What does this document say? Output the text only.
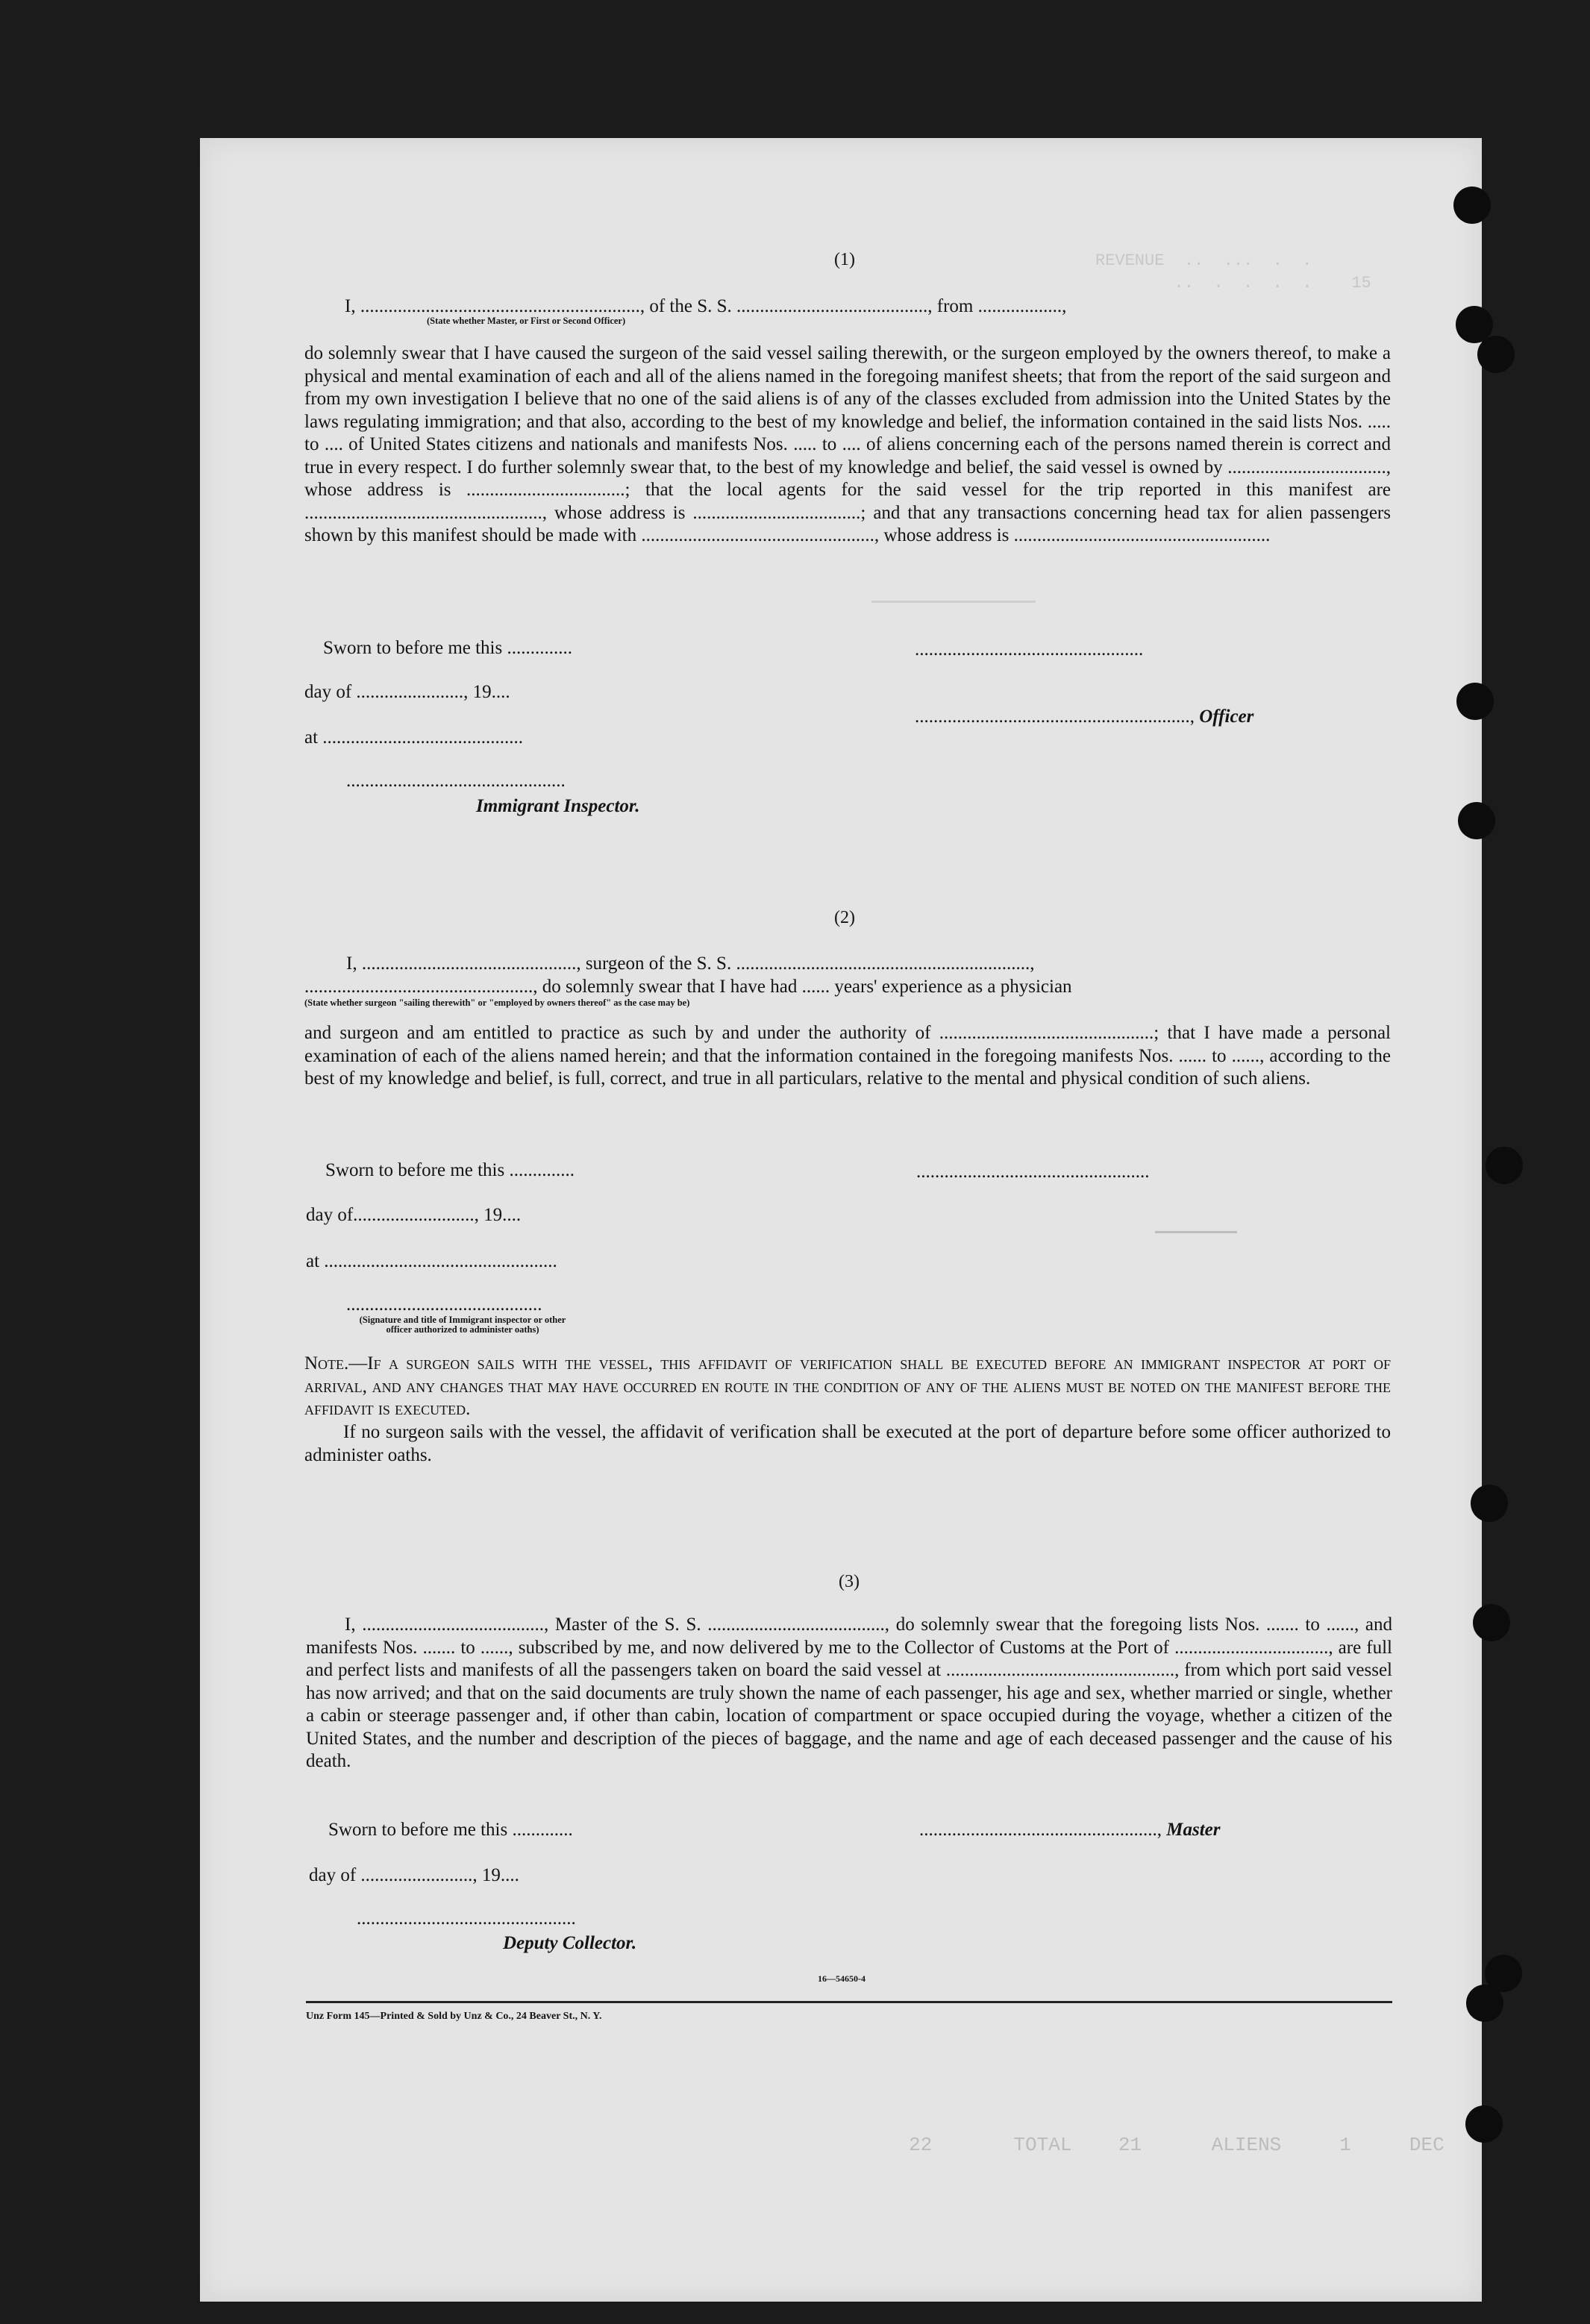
REVENUE  ..  ...  .  .
..  .  .  .  .    15

(1)
I, ............................................................, of the S. S. ........................................., from ..................,
(State whether Master, or First or Second Officer)
do solemnly swear that I have caused the surgeon of the said vessel sailing therewith, or the surgeon employed by the owners thereof, to make a physical and mental examination of each and all of the aliens named in the foregoing manifest sheets; that from the report of the said surgeon and from my own investigation I believe that no one of the said aliens is of any of the classes excluded from admission into the United States by the laws regulating immigration; and that also, according to the best of my knowledge and belief, the information contained in the said lists Nos. ..... to .... of United States citizens and nationals and manifests Nos. ..... to .... of aliens concerning each of the persons named therein is correct and true in every respect. I do further solemnly swear that, to the best of my knowledge and belief, the said vessel is owned by .................................., whose address is ..................................; that the local agents for the said vessel for the trip reported in this manifest are ..................................................., whose address is ....................................; and that any transactions concerning head tax for alien passengers shown by this manifest should be made with .................................................., whose address is .......................................................
Sworn to before me this ..............
day of ......................., 19....
at ...........................................
.................................................
..........................................................., Officer
...............................................
Immigrant Inspector.
(2)
I, .............................................., surgeon of the S. S. ...............................................................,
................................................., do solemnly swear that I have had ...... years' experience as a physician
(State whether surgeon "sailing therewith" or "employed by owners thereof" as the case may be)
and surgeon and am entitled to practice as such by and under the authority of ..............................................; that I have made a personal examination of each of the aliens named herein; and that the information contained in the foregoing manifests Nos. ...... to ......, according to the best of my knowledge and belief, is full, correct, and true in all particulars, relative to the mental and physical condition of such aliens.
Sworn to before me this ..............
day of.........................., 19....
at ..................................................
..................................................
..........................................
(Signature and title of Immigrant inspector or other officer authorized to administer oaths)
Note.—If a surgeon sails with the vessel, this affidavit of verification shall be executed before an immigrant inspector at port of arrival, and any changes that may have occurred en route in the condition of any of the aliens must be noted on the manifest before the affidavit is executed.
If no surgeon sails with the vessel, the affidavit of verification shall be executed at the port of departure before some officer authorized to administer oaths.
(3)
I, ......................................., Master of the S. S. ......................................, do solemnly swear that the foregoing lists Nos. ....... to ......, and manifests Nos. ....... to ......, subscribed by me, and now delivered by me to the Collector of Customs at the Port of ................................., are full and perfect lists and manifests of all the passengers taken on board the said vessel at ................................................., from which port said vessel has now arrived; and that on the said documents are truly shown the name of each passenger, his age and sex, whether married or single, whether a cabin or steerage passenger and, if other than cabin, location of compartment or space occupied during the voyage, whether a citizen of the United States, and the number and description of the pieces of baggage, and the name and age of each deceased passenger and the cause of his death.
Sworn to before me this .............
day of ........................, 19....
...............................................
Deputy Collector.
..................................................., Master
16—54650-4
Unz Form 145—Printed & Sold by Unz & Co., 24 Beaver St., N. Y.
22       TOTAL    21      ALIENS     1     DEC
